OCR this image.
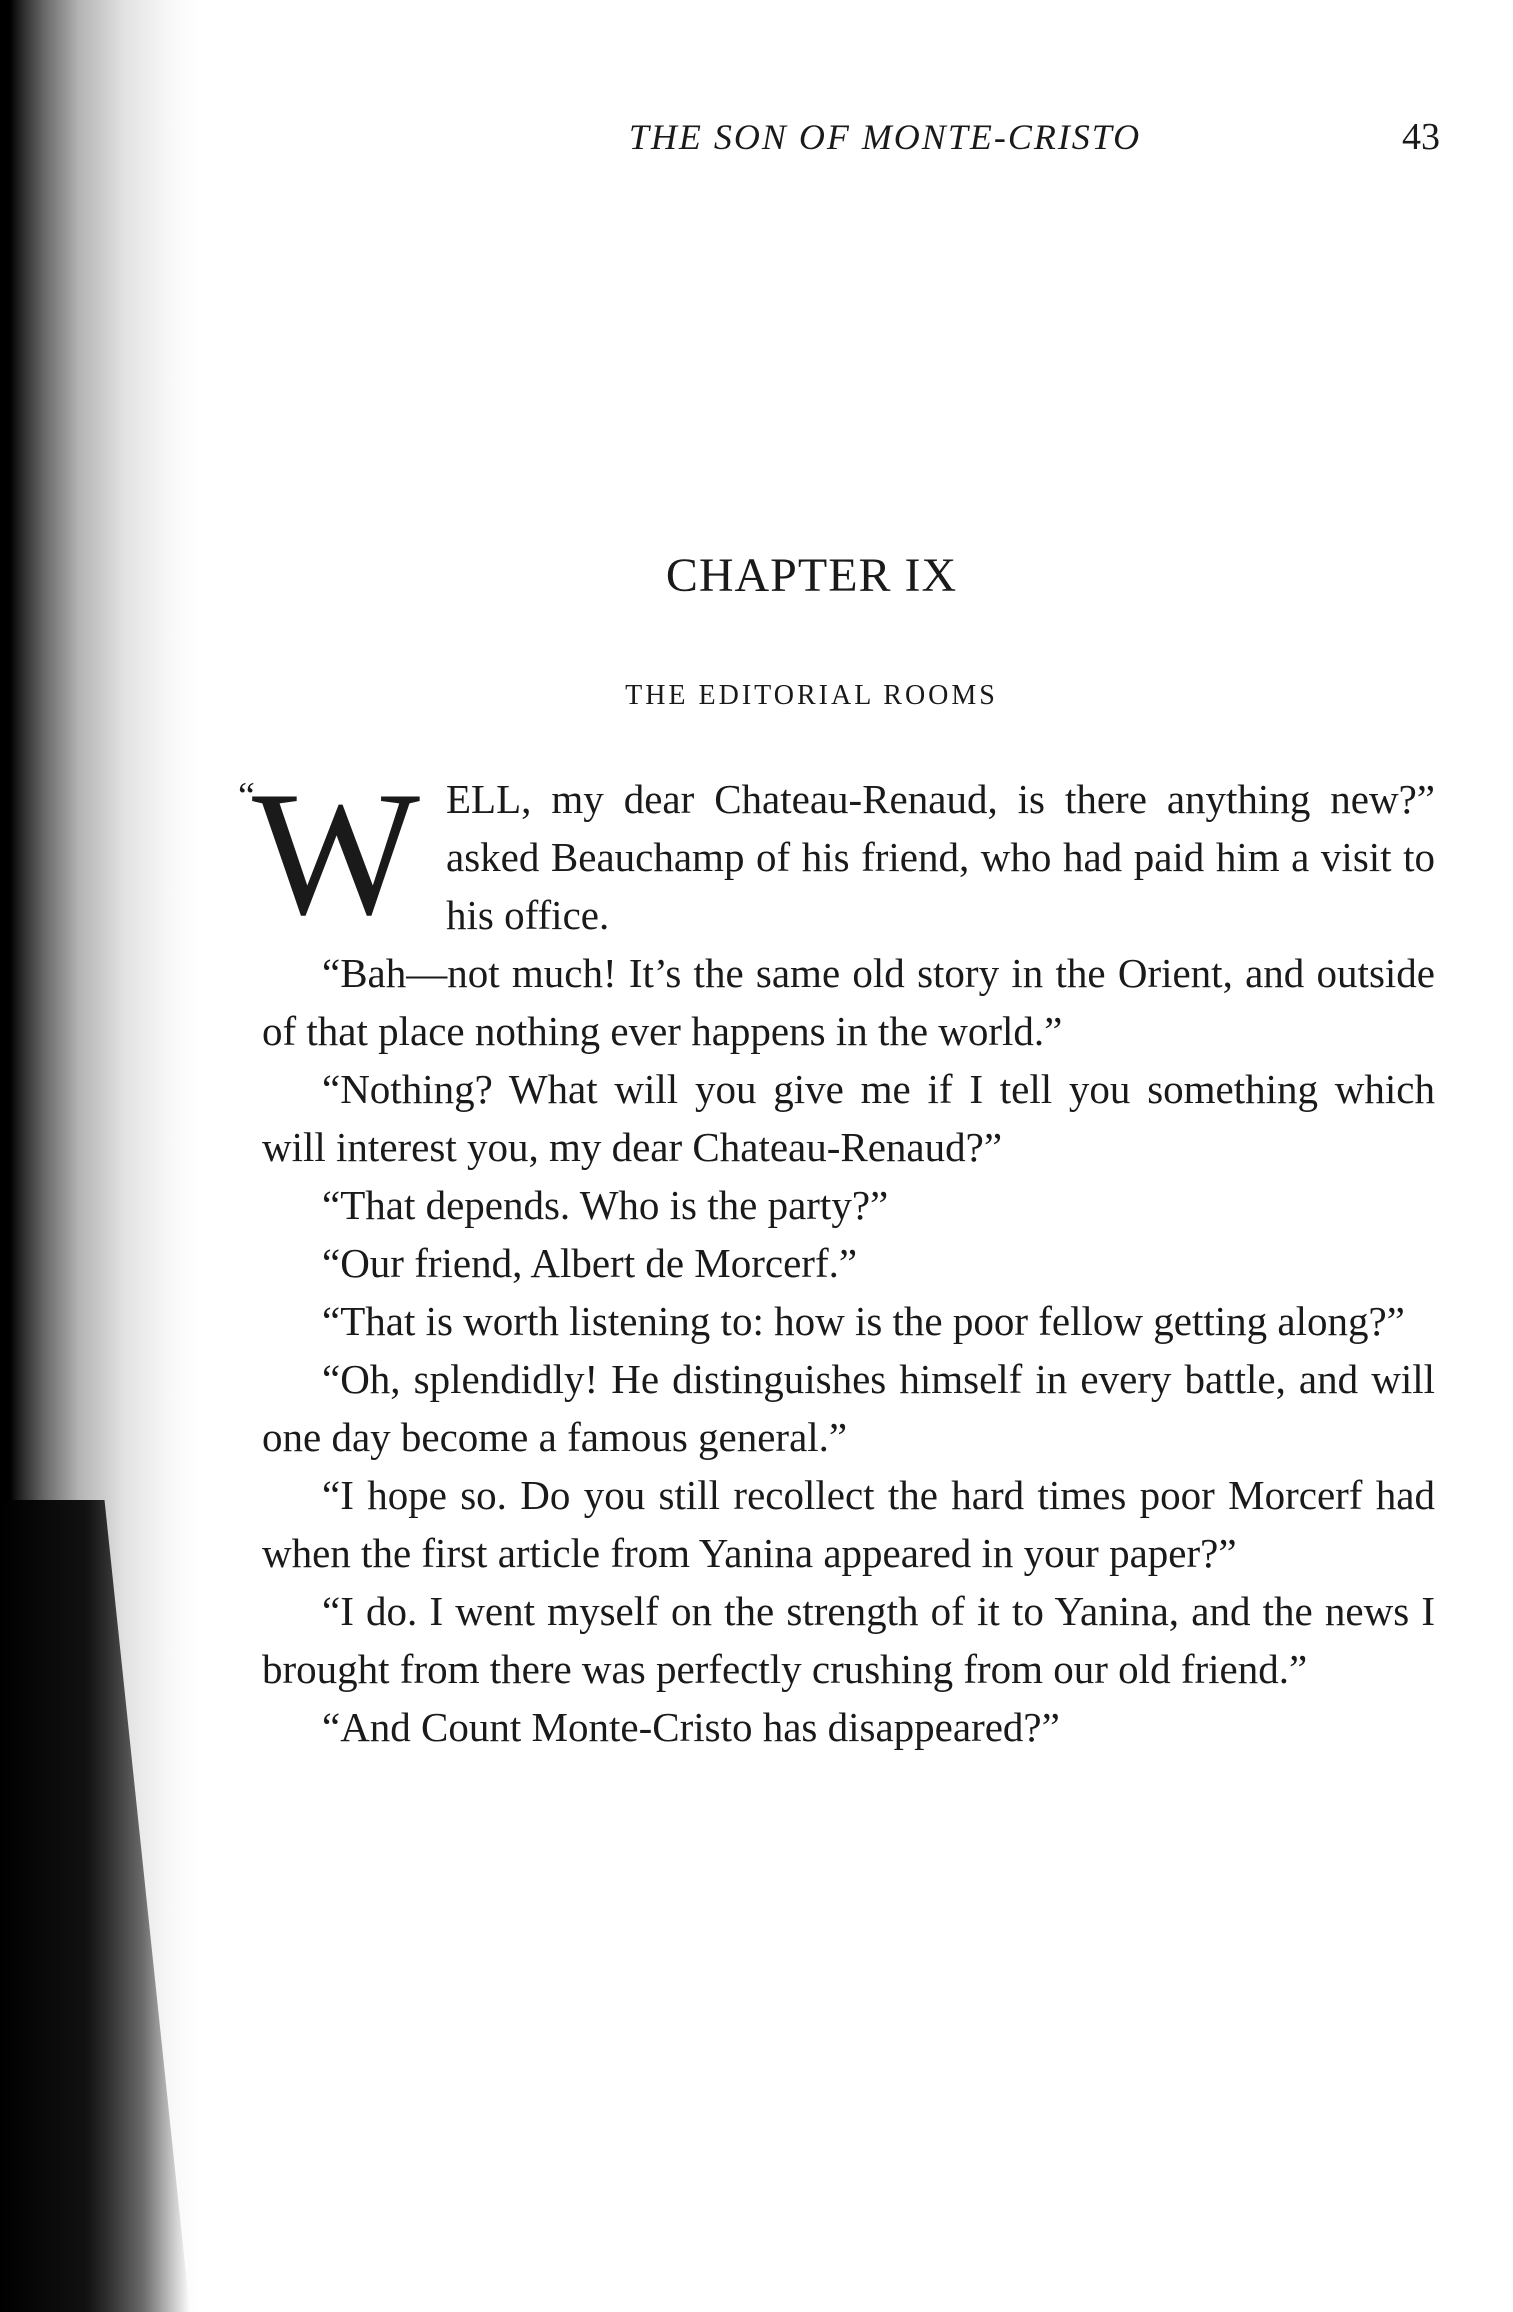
THE SON OF MONTE-CRISTO	43
CHAPTER IX
THE EDITORIAL ROOMS

“
W ELL, my dear Chateau-Renaud, is there anything new?” asked Beauchamp of his friend, who had paid him a visit to his office.

“Bah—not much! It’s the same old story in the Orient, and outside of that place nothing ever happens in the world.”

“Nothing? What will you give me if I tell you something which will interest you, my dear Chateau-Renaud?”

“That depends. Who is the party?”

“Our friend, Albert de Morcerf.”

“That is worth listening to: how is the poor fellow getting along?”

“Oh, splendidly! He distinguishes himself in every battle, and will one day become a famous general.”

“I hope so. Do you still recollect the hard times poor Morcerf had when the first article from Yanina appeared in your paper?”

“I do. I went myself on the strength of it to Yanina, and the news I brought from there was perfectly crushing from our old friend.”

“And Count Monte-Cristo has disappeared?”
